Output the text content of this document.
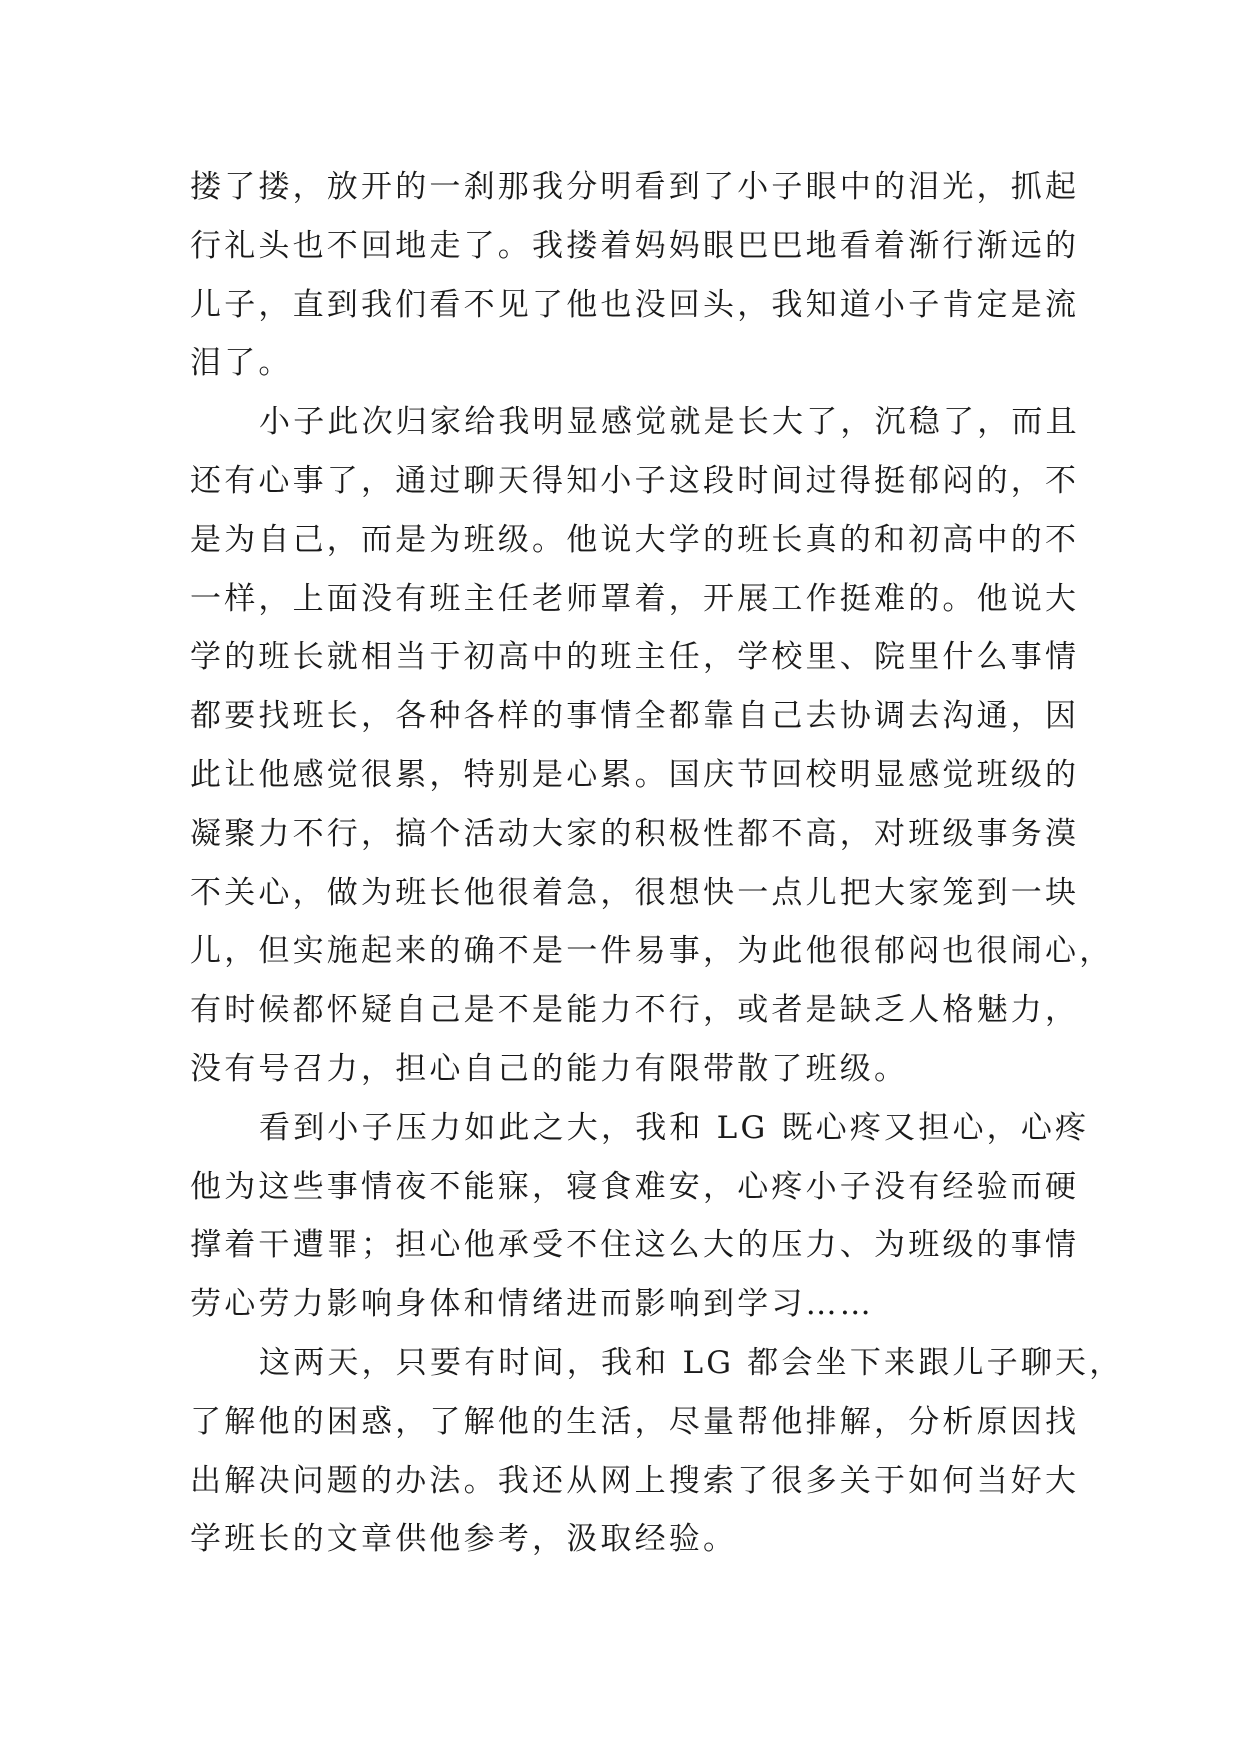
搂了搂，放开的一刹那我分明看到了小子眼中的泪光，抓起
行礼头也不回地走了。我搂着妈妈眼巴巴地看着渐行渐远的
儿子，直到我们看不见了他也没回头，我知道小子肯定是流
泪了。
小子此次归家给我明显感觉就是长大了，沉稳了，而且
还有心事了，通过聊天得知小子这段时间过得挺郁闷的，不
是为自己，而是为班级。他说大学的班长真的和初高中的不
一样，上面没有班主任老师罩着，开展工作挺难的。他说大
学的班长就相当于初高中的班主任，学校里、院里什么事情
都要找班长，各种各样的事情全都靠自己去协调去沟通，因
此让他感觉很累，特别是心累。国庆节回校明显感觉班级的
凝聚力不行，搞个活动大家的积极性都不高，对班级事务漠
不关心，做为班长他很着急，很想快一点儿把大家笼到一块
儿，但实施起来的确不是一件易事，为此他很郁闷也很闹心，
有时候都怀疑自己是不是能力不行，或者是缺乏人格魅力，
没有号召力，担心自己的能力有限带散了班级。
看到小子压力如此之大，我和 LG 既心疼又担心，心疼
他为这些事情夜不能寐，寝食难安，心疼小子没有经验而硬
撑着干遭罪；担心他承受不住这么大的压力、为班级的事情
劳心劳力影响身体和情绪进而影响到学习……
这两天，只要有时间，我和 LG 都会坐下来跟儿子聊天，
了解他的困惑，了解他的生活，尽量帮他排解，分析原因找
出解决问题的办法。我还从网上搜索了很多关于如何当好大
学班长的文章供他参考，汲取经验。
